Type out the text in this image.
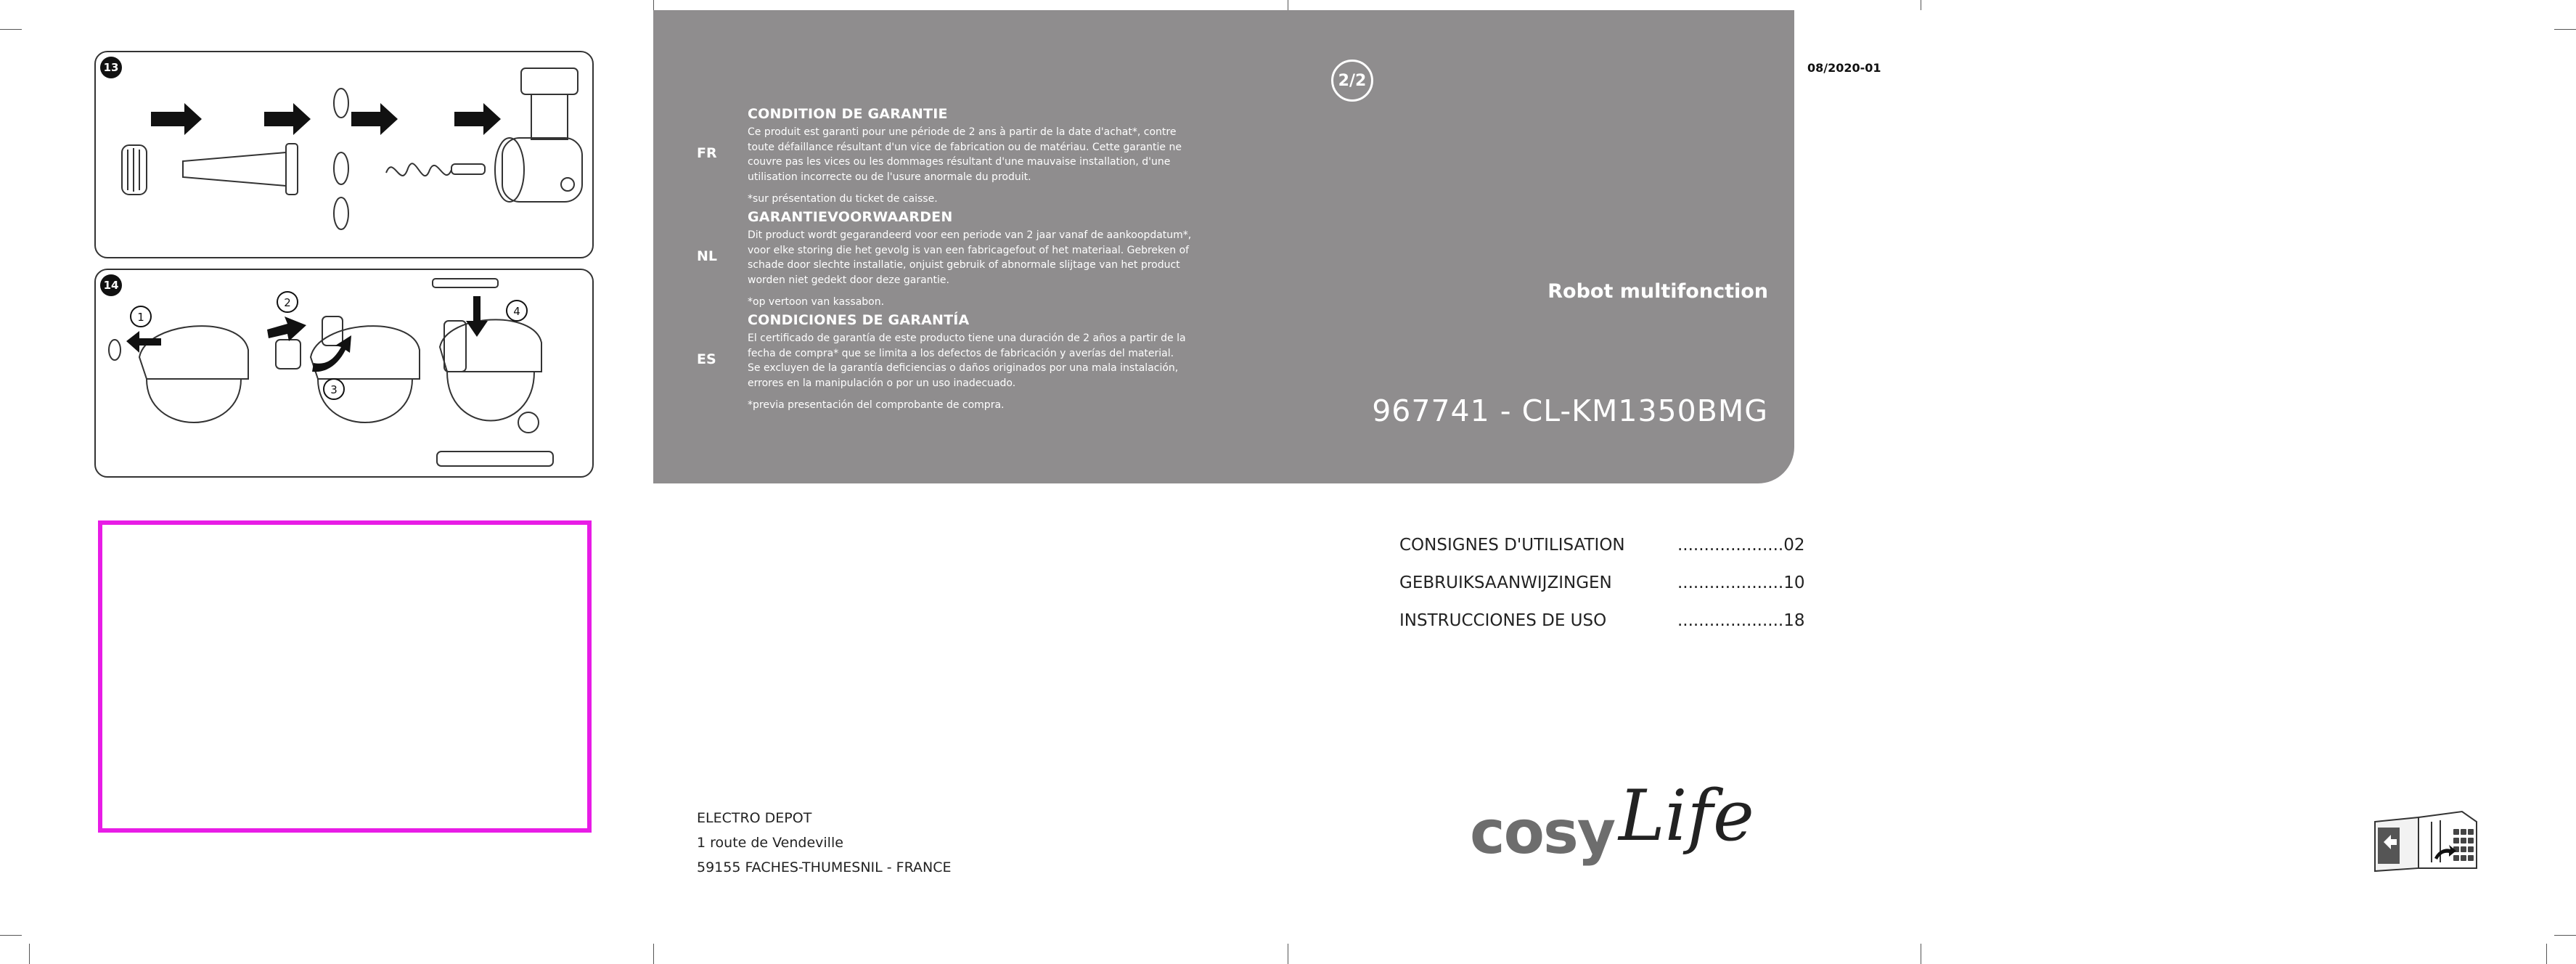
13
14
1
2
3
4
2/2
FR
CONDITION DE GARANTIE

Ce produit est garanti pour une période de 2 ans à partir de la date d'achat*, contre

toute défaillance résultant d'un vice de fabrication ou de matériau. Cette garantie ne

couvre pas les vices ou les dommages résultant d'une mauvaise installation, d'une

utilisation incorrecte ou de l'usure anormale du produit.

*sur présentation du ticket de caisse.

NL
GARANTIEVOORWAARDEN

Dit product wordt gegarandeerd voor een periode van 2 jaar vanaf de aankoopdatum*,

voor elke storing die het gevolg is van een fabricagefout of het materiaal. Gebreken of

schade door slechte installatie, onjuist gebruik of abnormale slijtage van het product

worden niet gedekt door deze garantie.

*op vertoon van kassabon.

ES
CONDICIONES DE GARANTÍA

El certificado de garantía de este producto tiene una duración de 2 años a partir de la

fecha de compra* que se limita a los defectos de fabricación y averías del material.

Se excluyen de la garantía deficiencias o daños originados por una mala instalación,

errores en la manipulación o por un uso inadecuado.

*previa presentación del comprobante de compra.

Robot multifonction
967741 - CL-KM1350BMG
08/2020-01
CONSIGNES D'UTILISATION	....................02
GEBRUIKSAANWIJZINGEN	....................10
INSTRUCCIONES DE USO	....................18
ELECTRO DEPOT
1 route de Vendeville
59155 FACHES-THUMESNIL - FRANCE	cosy Life
